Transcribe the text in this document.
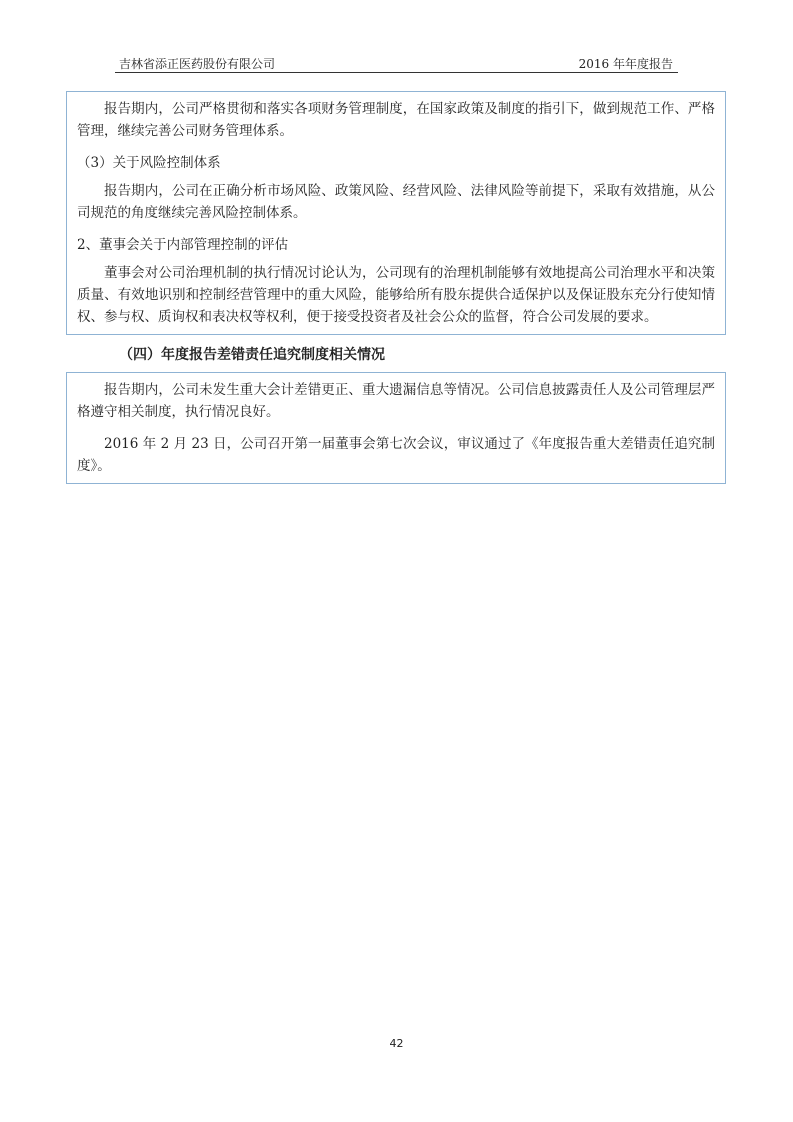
吉林省添正医药股份有限公司	2016 年年度报告

报告期内，公司严格贯彻和落实各项财务管理制度，在国家政策及制度的指引下，做到规范工作、严格管理，继续完善公司财务管理体系。

（3）关于风险控制体系

报告期内，公司在正确分析市场风险、政策风险、经营风险、法律风险等前提下，采取有效措施，从公司规范的角度继续完善风险控制体系。

2、董事会关于内部管理控制的评估

董事会对公司治理机制的执行情况讨论认为，公司现有的治理机制能够有效地提高公司治理水平和决策质量、有效地识别和控制经营管理中的重大风险，能够给所有股东提供合适保护以及保证股东充分行使知情权、参与权、质询权和表决权等权利，便于接受投资者及社会公众的监督，符合公司发展的要求。

（四）年度报告差错责任追究制度相关情况

报告期内，公司未发生重大会计差错更正、重大遗漏信息等情况。公司信息披露责任人及公司管理层严格遵守相关制度，执行情况良好。

2016 年 2 月 23 日，公司召开第一届董事会第七次会议，审议通过了《年度报告重大差错责任追究制度》。

42
